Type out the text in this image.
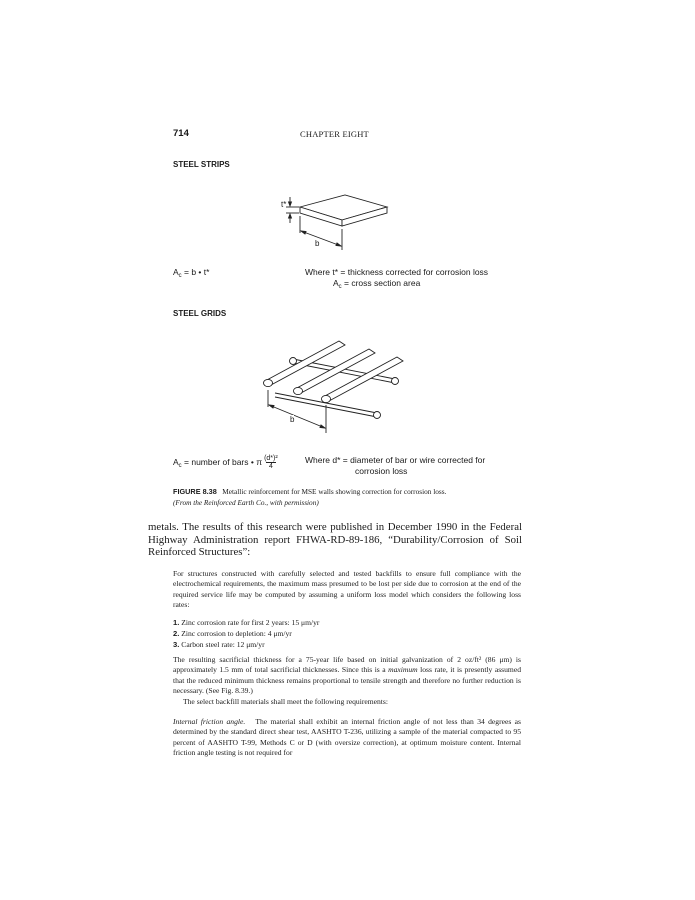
714	CHAPTER EIGHT
STEEL STRIPS
t*
b
$A_c = b$ • t*	Where t* = thickness corrected for corrosion loss
$A_c$ = cross section area
STEEL GRIDS
b
$A_c$ = number of bars • π $\frac{\text{(d*)²}}{4}$	Where d* = diameter of bar or wire corrected for
corrosion loss
FIGURE 8.38 Metallic reinforcement for MSE walls showing correction for corrosion loss.
(From the Reinforced Earth Co., with permission)
metals. The results of this research were published in December 1990 in the Federal Highway Administration report FHWA-RD-89-186, “Durability/Corrosion of Soil Reinforced Structures”:
For structures constructed with carefully selected and tested backfills to ensure full compliance with the electrochemical requirements, the maximum mass presumed to be lost per side due to corrosion at the end of the required service life may be computed by assuming a uniform loss model which considers the following loss rates:
1. Zinc corrosion rate for first 2 years: 15 μm/yr
2. Zinc corrosion to depletion: 4 μm/yr
3. Carbon steel rate: 12 μm/yr
The resulting sacrificial thickness for a 75-year life based on initial galvanization of 2 oz/ft² (86 μm) is approximately 1.5 mm of total sacrificial thicknesses. Since this is a maximum loss rate, it is presently assumed that the reduced minimum thickness remains proportional to tensile strength and therefore no further reduction is necessary. (See Fig. 8.39.)
The select backfill materials shall meet the following requirements:
Internal friction angle. The material shall exhibit an internal friction angle of not less than 34 degrees as determined by the standard direct shear test, AASHTO T-236, utilizing a sample of the material compacted to 95 percent of AASHTO T-99, Methods C or D (with oversize correction), at optimum moisture content. Internal friction angle testing is not required for
